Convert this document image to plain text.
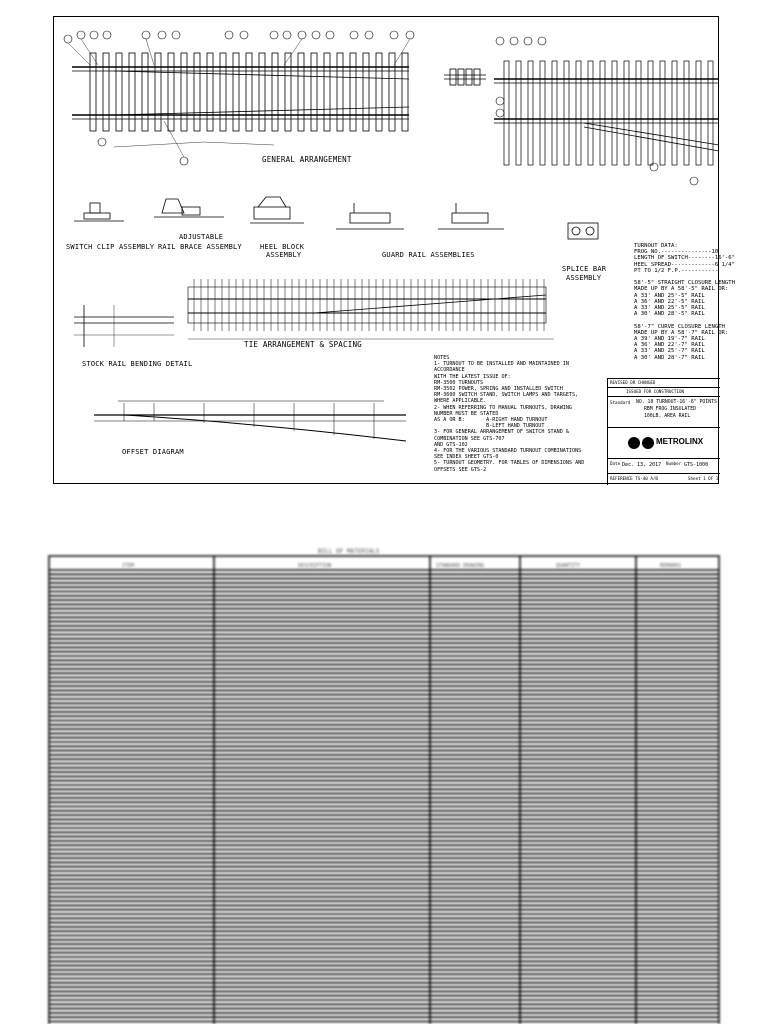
GENERAL ARRANGEMENT
SWITCH CLIP ASSEMBLY
ADJUSTABLE
RAIL BRACE ASSEMBLY	HEEL BLOCK
ASSEMBLY	GUARD RAIL ASSEMBLIES
SPLICE BAR
ASSEMBLY
STOCK RAIL BENDING DETAIL
TIE ARRANGEMENT & SPACING
OFFSET DIAGRAM
TURNOUT DATA:
FROG NO.---------------10
LENGTH OF SWITCH--------16'-6"
HEEL SPREAD-------------6 1/4"
PT TO 1/2 F.P.-----------

58'-5" STRAIGHT CLOSURE LENGTH
MADE UP BY A 58'-5" RAIL OR:
A 33' AND 25'-5" RAIL
A 36' AND 22'-5" RAIL
A 33' AND 25'-5" RAIL
A 30' AND 28'-5" RAIL

58'-7" CURVE CLOSURE LENGTH
MADE UP BY A 58'-7" RAIL OR:
A 39' AND 19'-7" RAIL
A 36' AND 22'-7" RAIL
A 33' AND 25'-7" RAIL
A 30' AND 28'-7" RAIL
NOTES
1- TURNOUT TO BE INSTALLED AND MAINTAINED IN
ACCORDANCE
WITH THE LATEST ISSUE OF:
RM-3500 TURNOUTS
RM-3502 POWER, SPRING AND INSTALLED SWITCH
RM-3600 SWITCH STAND, SWITCH LAMPS AND TARGETS,
WHERE APPLICABLE.
2- WHEN REFERRING TO MANUAL TURNOUTS, DRAWING
NUMBER MUST BE STATED
AS A OR B:       A-RIGHT HAND TURNOUT
B-LEFT HAND TURNOUT
3- FOR GENERAL ARRANGEMENT OF SWITCH STAND &
COMBINATION SEE GTS-707
AND GTS-102
4- FOR THE VARIOUS STANDARD TURNOUT COMBINATIONS
SEE INDEX SHEET GTS-0
5- TURNOUT GEOMETRY. FOR TABLES OF DIMENSIONS AND
OFFSETS SEE GTS-2
REVISED OR CHANGED
ISSUED FOR CONSTRUCTION
Standard NO. 10 TURNOUT-16'-6" POINTS
RBM FROG INSULATED
100LB. AREA RAIL
METROLINX
Date Dec. 13, 2017 Number GTS-1000
REFERENCE TS-40 A/B	Sheet 1 OF 1
BILL OF MATERIALS
ITEM	DESCRIPTION	STANDARD DRAWING	QUANTITY	REMARKS
